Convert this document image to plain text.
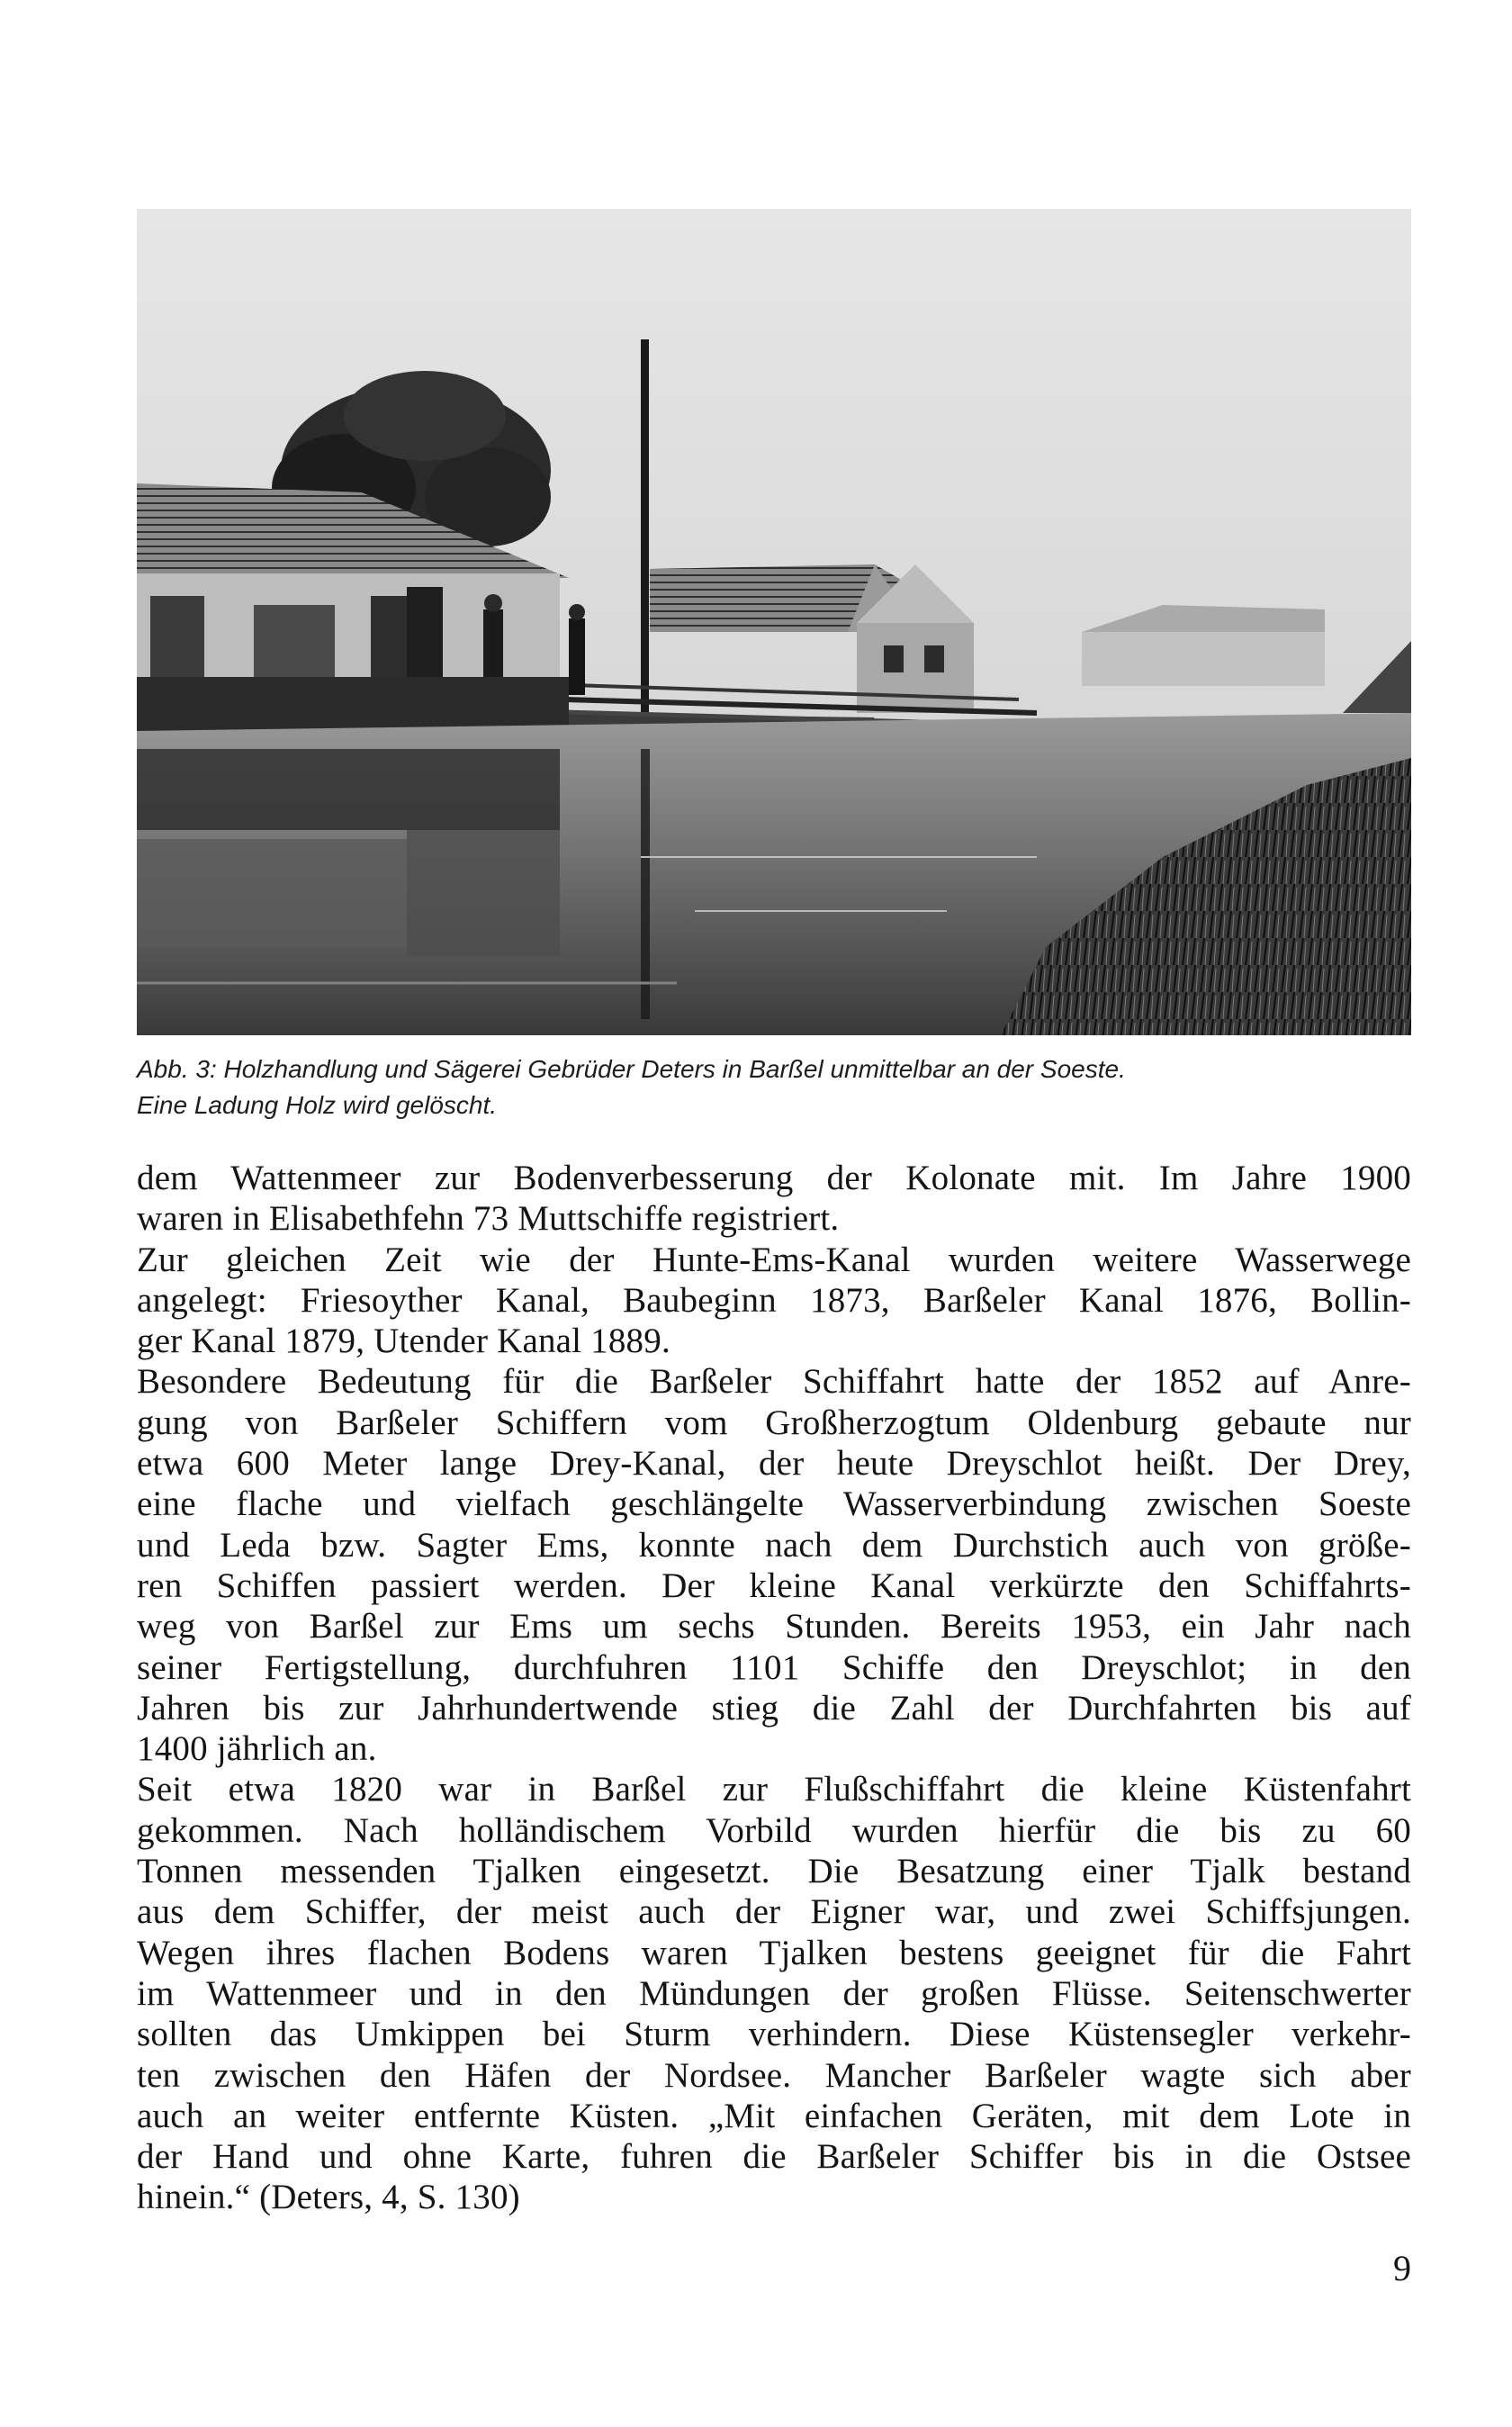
Abb. 3: Holzhandlung und Sägerei Gebrüder Deters in Barßel unmittelbar an der Soeste.
Eine Ladung Holz wird gelöscht.
dem Wattenmeer zur Bodenverbesserung der Kolonate mit. Im Jahre 1900
waren in Elisabethfehn 73 Muttschiffe registriert.
Zur gleichen Zeit wie der Hunte-Ems-Kanal wurden weitere Wasserwege
angelegt: Friesoyther Kanal, Baubeginn 1873, Barßeler Kanal 1876, Bollin-
ger Kanal 1879, Utender Kanal 1889.
Besondere Bedeutung für die Barßeler Schiffahrt hatte der 1852 auf Anre-
gung von Barßeler Schiffern vom Großherzogtum Oldenburg gebaute nur
etwa 600 Meter lange Drey-Kanal, der heute Dreyschlot heißt. Der Drey,
eine flache und vielfach geschlängelte Wasserverbindung zwischen Soeste
und Leda bzw. Sagter Ems, konnte nach dem Durchstich auch von größe-
ren Schiffen passiert werden. Der kleine Kanal verkürzte den Schiffahrts-
weg von Barßel zur Ems um sechs Stunden. Bereits 1953, ein Jahr nach
seiner Fertigstellung, durchfuhren 1101 Schiffe den Dreyschlot; in den
Jahren bis zur Jahrhundertwende stieg die Zahl der Durchfahrten bis auf
1400 jährlich an.
Seit etwa 1820 war in Barßel zur Flußschiffahrt die kleine Küstenfahrt
gekommen. Nach holländischem Vorbild wurden hierfür die bis zu 60
Tonnen messenden Tjalken eingesetzt. Die Besatzung einer Tjalk bestand
aus dem Schiffer, der meist auch der Eigner war, und zwei Schiffsjungen.
Wegen ihres flachen Bodens waren Tjalken bestens geeignet für die Fahrt
im Wattenmeer und in den Mündungen der großen Flüsse. Seitenschwerter
sollten das Umkippen bei Sturm verhindern. Diese Küstensegler verkehr-
ten zwischen den Häfen der Nordsee. Mancher Barßeler wagte sich aber
auch an weiter entfernte Küsten. „Mit einfachen Geräten, mit dem Lote in
der Hand und ohne Karte, fuhren die Barßeler Schiffer bis in die Ostsee
hinein.“ (Deters, 4, S. 130)
9
